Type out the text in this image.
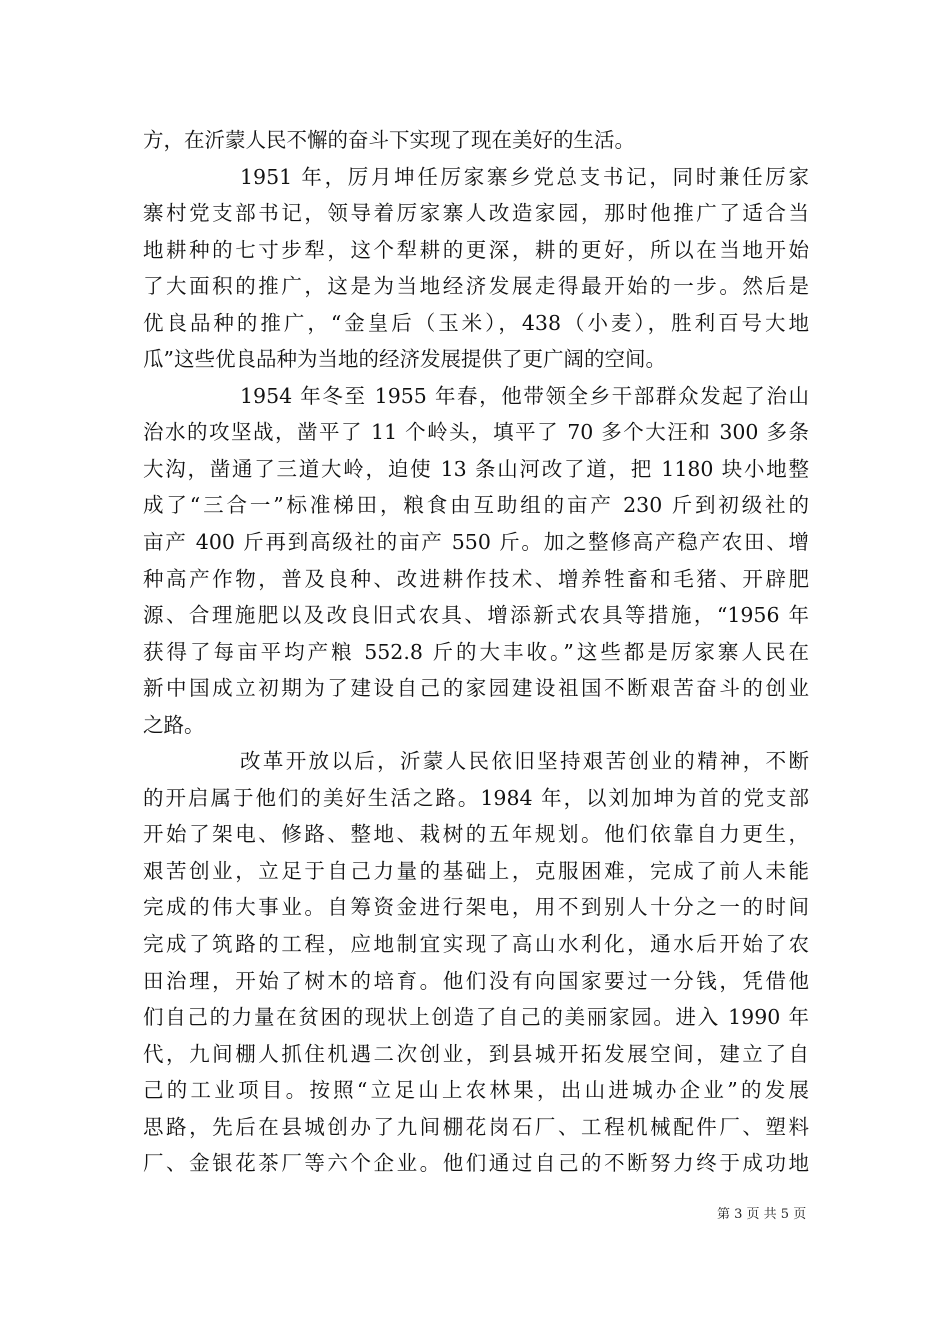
方，在沂蒙人民不懈的奋斗下实现了现在美好的生活。
1951 年，厉月坤任厉家寨乡党总支书记，同时兼任厉家
寨村党支部书记，领导着厉家寨人改造家园，那时他推广了适合当
地耕种的七寸步犁，这个犁耕的更深，耕的更好，所以在当地开始
了大面积的推广，这是为当地经济发展走得最开始的一步。然后是
优良品种的推广，“金皇后（玉米），438（小麦），胜利百号大地
瓜”这些优良品种为当地的经济发展提供了更广阔的空间。
1954 年冬至 1955 年春，他带领全乡干部群众发起了治山
治水的攻坚战，凿平了 11 个岭头，填平了 70 多个大汪和 300 多条
大沟，凿通了三道大岭，迫使 13 条山河改了道，把 1180 块小地整
成了“三合一”标准梯田，粮食由互助组的亩产 230 斤到初级社的
亩产 400 斤再到高级社的亩产 550 斤。加之整修高产稳产农田、增
种高产作物，普及良种、改进耕作技术、增养牲畜和毛猪、开辟肥
源、合理施肥以及改良旧式农具、增添新式农具等措施，“1956 年
获得了每亩平均产粮 552.8 斤的大丰收。”这些都是厉家寨人民在
新中国成立初期为了建设自己的家园建设祖国不断艰苦奋斗的创业
之路。
改革开放以后，沂蒙人民依旧坚持艰苦创业的精神，不断
的开启属于他们的美好生活之路。1984 年，以刘加坤为首的党支部
开始了架电、修路、整地、栽树的五年规划。他们依靠自力更生，
艰苦创业，立足于自己力量的基础上，克服困难，完成了前人未能
完成的伟大事业。自筹资金进行架电，用不到别人十分之一的时间
完成了筑路的工程，应地制宜实现了高山水利化，通水后开始了农
田治理，开始了树木的培育。他们没有向国家要过一分钱，凭借他
们自己的力量在贫困的现状上创造了自己的美丽家园。进入 1990 年
代，九间棚人抓住机遇二次创业，到县城开拓发展空间，建立了自
己的工业项目。按照“立足山上农林果，出山进城办企业”的发展
思路，先后在县城创办了九间棚花岗石厂、工程机械配件厂、塑料
厂、金银花茶厂等六个企业。他们通过自己的不断努力终于成功地
第 3 页 共 5 页
